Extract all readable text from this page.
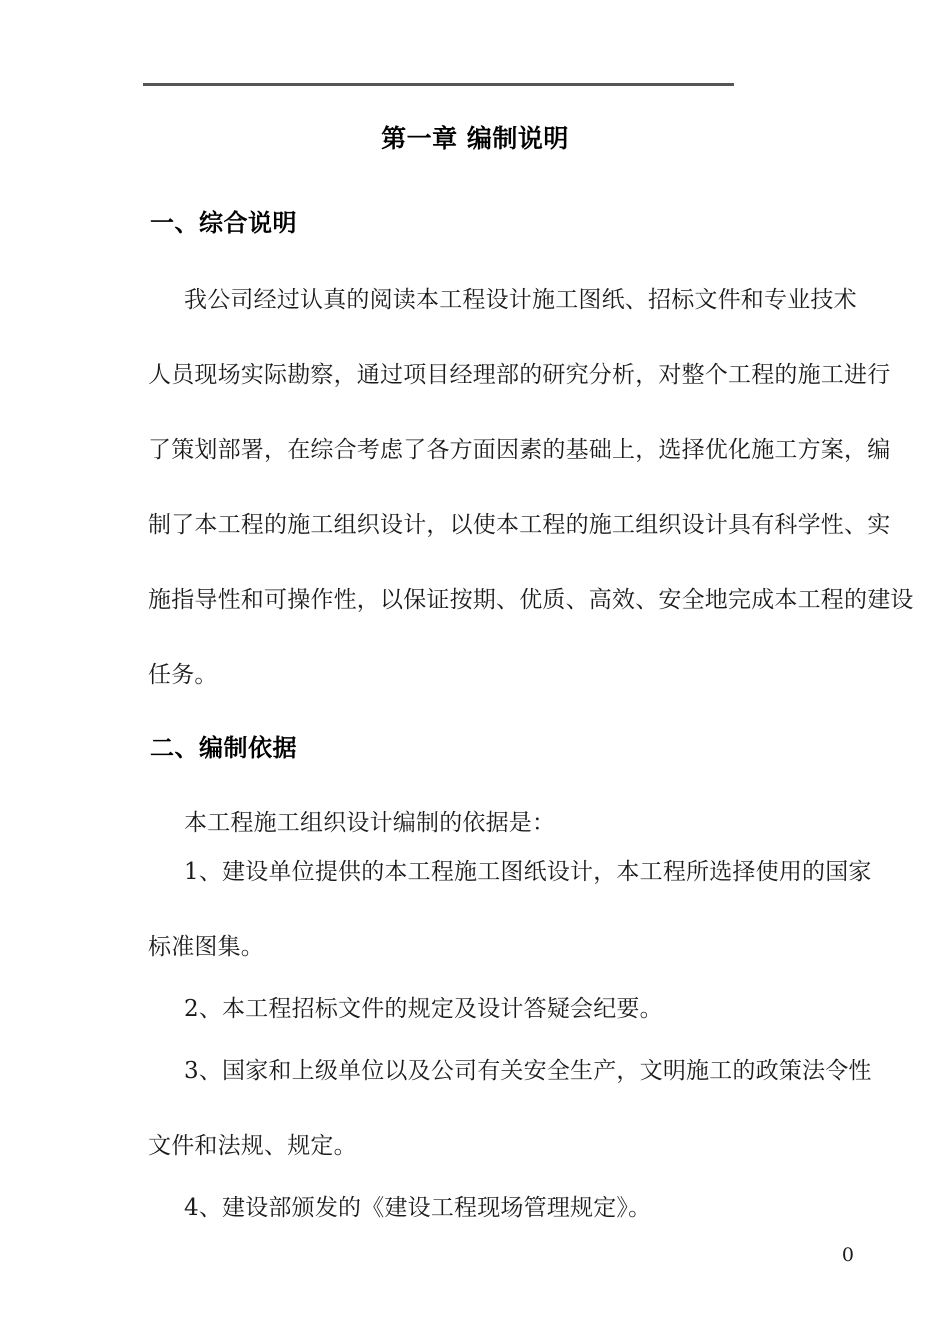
第一章 编制说明
一、综合说明
我公司经过认真的阅读本工程设计施工图纸、招标文件和专业技术
人员现场实际勘察，通过项目经理部的研究分析，对整个工程的施工进行
了策划部署，在综合考虑了各方面因素的基础上，选择优化施工方案，编
制了本工程的施工组织设计，以使本工程的施工组织设计具有科学性、实
施指导性和可操作性，以保证按期、优质、高效、安全地完成本工程的建设
任务。
二、编制依据
本工程施工组织设计编制的依据是：
1、建设单位提供的本工程施工图纸设计，本工程所选择使用的国家
标准图集。
2、本工程招标文件的规定及设计答疑会纪要。
3、国家和上级单位以及公司有关安全生产，文明施工的政策法令性
文件和法规、规定。
4、建设部颁发的《建设工程现场管理规定》。
0
